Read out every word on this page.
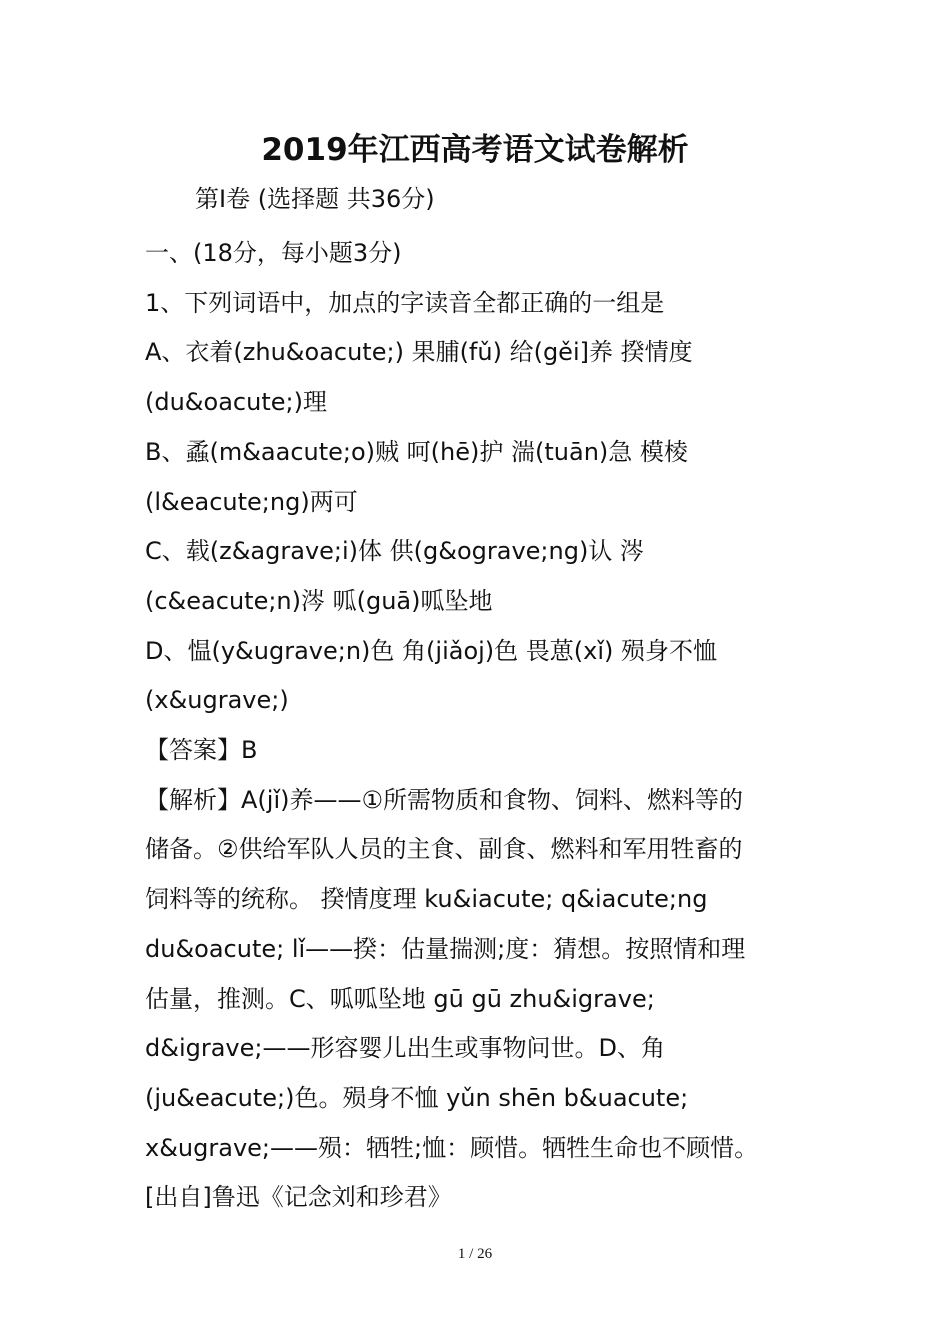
2019年江西高考语文试卷解析
第Ⅰ卷 (选择题 共36分)

一、(18分，每小题3分)

1、下列词语中，加点的字读音全都正确的一组是

A、衣着(zhu&oacute;) 果脯(fǔ) 给(gěi]养 揆情度

(du&oacute;)理

B、蟊(m&aacute;o)贼 呵(hē)护 湍(tuān)急 模棱

(l&eacute;ng)两可

C、载(z&agrave;i)体 供(g&ograve;ng)认 涔

(c&eacute;n)涔 呱(guā)呱坠地

D、愠(y&ugrave;n)色 角(jiǎoj)色 畏葸(xǐ) 殒身不恤

(x&ugrave;)

【答案】B

【解析】A(jǐ)养——①所需物质和食物、饲料、燃料等的

储备。②供给军队人员的主食、副食、燃料和军用牲畜的

饲料等的统称。 揆情度理 ku&iacute; q&iacute;ng

du&oacute; lǐ——揆：估量揣测;度：猜想。按照情和理

估量，推测。C、呱呱坠地 gū gū zhu&igrave;

d&igrave;——形容婴儿出生或事物问世。D、角

(ju&eacute;)色。殒身不恤 yǔn shēn b&uacute;

x&ugrave;——殒：牺牲;恤：顾惜。牺牲生命也不顾惜。

[出自]鲁迅《记念刘和珍君》

1 / 26
